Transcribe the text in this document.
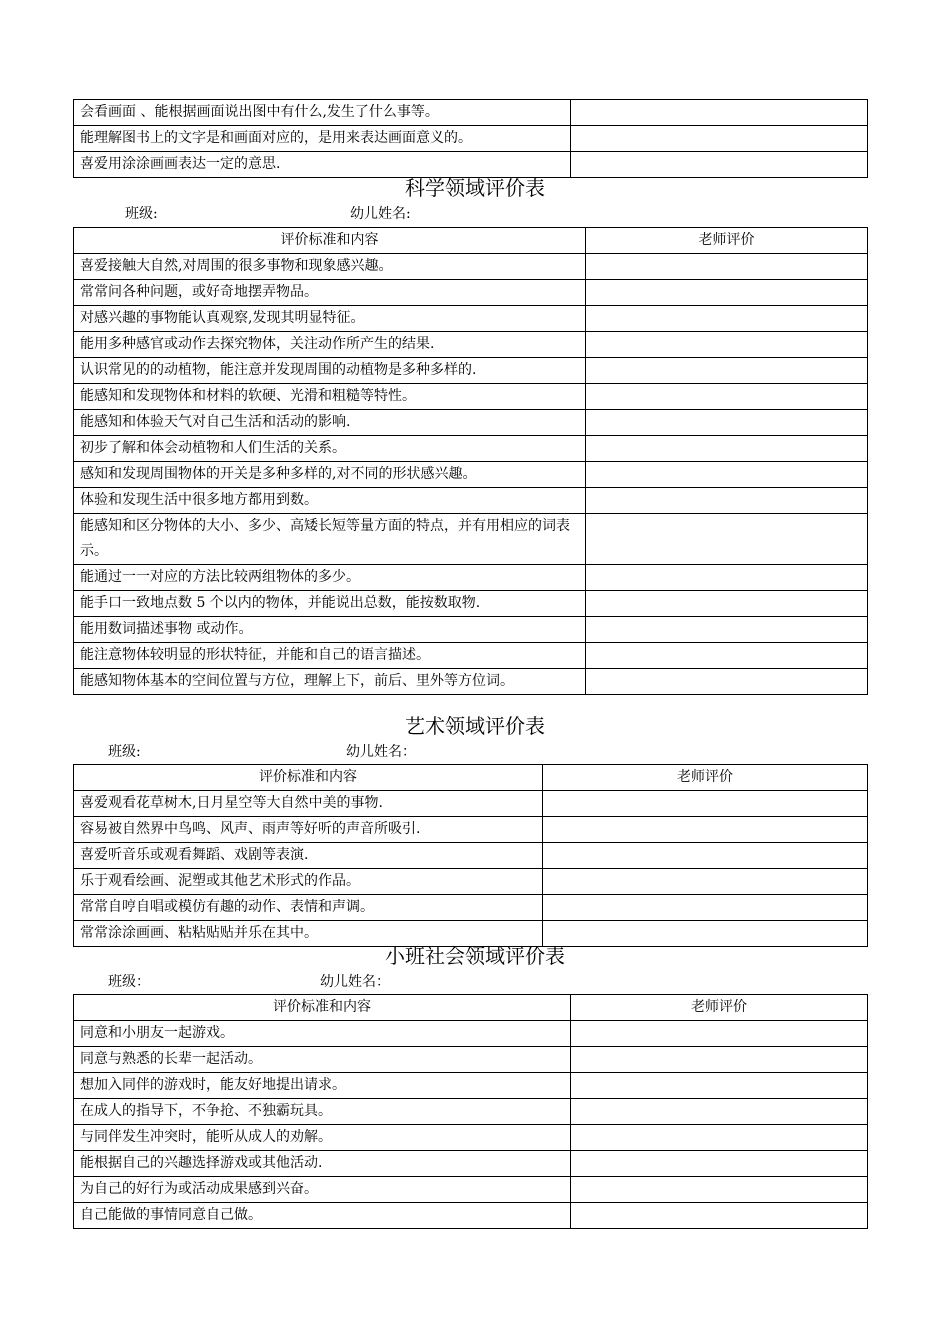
会看画面 、能根据画面说出图中有什么,发生了什么事等。	
能理解图书上的文字是和画面对应的，是用来表达画面意义的。	
喜爱用涂涂画画表达一定的意思.	
科学领域评价表
班级:	幼儿姓名:
评价标准和内容	老师评价
喜爱接触大自然,对周围的很多事物和现象感兴趣。	
常常问各种问题，或好奇地摆弄物品。	
对感兴趣的事物能认真观察,发现其明显特征。	
能用多种感官或动作去探究物体，关注动作所产生的结果.	
认识常见的的动植物，能注意并发现周围的动植物是多种多样的.	
能感知和发现物体和材料的软硬、光滑和粗糙等特性。	
能感知和体验天气对自己生活和活动的影响.	
初步了解和体会动植物和人们生活的关系。	
感知和发现周围物体的开关是多种多样的,对不同的形状感兴趣。	
体验和发现生活中很多地方都用到数。	
能感知和区分物体的大小、多少、高矮长短等量方面的特点，并有用相应的词表示。	
能通过一一对应的方法比较两组物体的多少。	
能手口一致地点数 5 个以内的物体，并能说出总数，能按数取物.	
能用数词描述事物 或动作。	
能注意物体较明显的形状特征，并能和自己的语言描述。	
能感知物体基本的空间位置与方位，理解上下，前后、里外等方位词。	
艺术领域评价表
班级:	幼儿姓名：
评价标准和内容	老师评价
喜爱观看花草树木,日月星空等大自然中美的事物.	
容易被自然界中鸟鸣、风声、雨声等好听的声音所吸引.	
喜爱听音乐或观看舞蹈、戏剧等表演.	
乐于观看绘画、泥塑或其他艺术形式的作品。	
常常自哼自唱或模仿有趣的动作、表情和声调。	
常常涂涂画画、粘粘贴贴并乐在其中。	
小班社会领域评价表
班级：	幼儿姓名：
评价标准和内容	老师评价
同意和小朋友一起游戏。	
同意与熟悉的长辈一起活动。	
想加入同伴的游戏时，能友好地提出请求。	
在成人的指导下，不争抢、不独霸玩具。	
与同伴发生冲突时，能听从成人的劝解。	
能根据自己的兴趣选择游戏或其他活动.	
为自己的好行为或活动成果感到兴奋。	
自己能做的事情同意自己做。	
